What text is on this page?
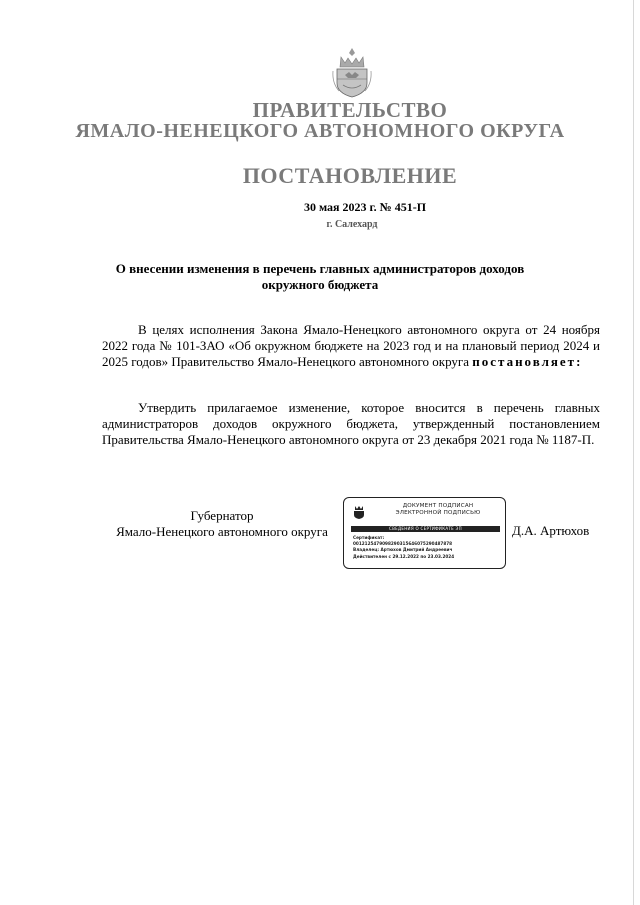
ПРАВИТЕЛЬСТВО
ЯМАЛО-НЕНЕЦКОГО АВТОНОМНОГО ОКРУГА
ПОСТАНОВЛЕНИЕ
30 мая 2023 г. № 451-П
г. Салехард
О внесении изменения в перечень главных администраторов доходов окружного бюджета
В целях исполнения Закона Ямало-Ненецкого автономного округа от 24 ноября 2022 года № 101-ЗАО «Об окружном бюджете на 2023 год и на плановый период 2024 и 2025 годов» Правительство Ямало-Ненецкого автономного округа постановляет:
Утвердить прилагаемое изменение, которое вносится в перечень главных администраторов доходов окружного бюджета, утвержденный постановлением Правительства Ямало-Ненецкого автономного округа от 23 декабря 2021 года № 1187-П.
Губернатор
Ямало-Ненецкого автономного округа
ДОКУМЕНТ ПОДПИСАН
ЭЛЕКТРОННОЙ ПОДПИСЬЮ
СВЕДЕНИЯ О СЕРТИФИКАТЕ ЭП
Сертификат:
0012125479098290315646075290487878
Владелец: Артюхов Дмитрий Андреевич
Действителен с 29.12.2022 по 23.03.2024
Д.А. Артюхов
